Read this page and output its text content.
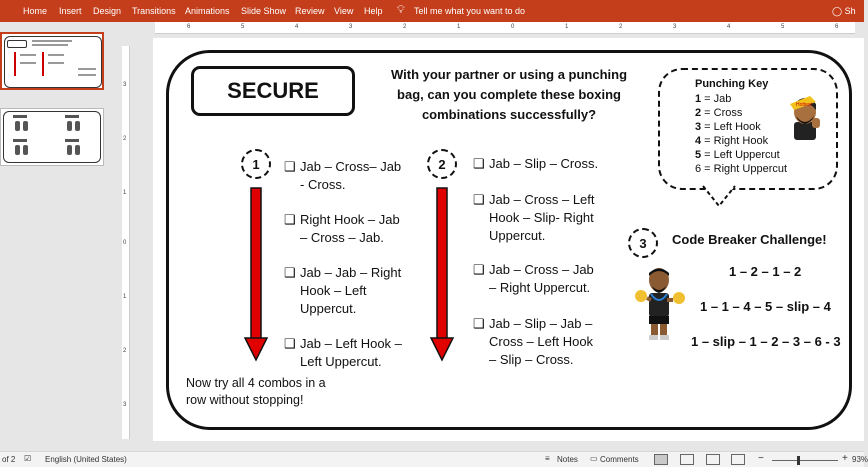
Home Insert Design Transitions Animations Slide Show Review View Help 💡︎ Tell me what you want to do	◯ Sh
6	5	4	3	2	1	0	1	2	3	4	5	6
3
2
1
0
1
2
3
SECURE
With your partner or using a punching bag, can you complete these boxing combinations successfully?
Punching Key
1 = Jab
2 = Cross
3 = Left Hook
4 = Right Hook
5 = Left Uppercut
6 = Right Uppercut
Hottest
1	❑ Jab – Cross– Jab - Cross.
❑ Right Hook – Jab – Cross – Jab.
❑ Jab – Jab – Right Hook – Left Uppercut.
❑ Jab – Left Hook – Left Uppercut.
2	❑ Jab – Slip – Cross.
❑ Jab – Cross – Left Hook – Slip- Right Uppercut.
❑ Jab – Cross – Jab – Right Uppercut.
❑ Jab – Slip – Jab – Cross – Left Hook – Slip – Cross.
Now try all 4 combos in a row without stopping!
3	Code Breaker Challenge!
1 – 2 – 1 – 2
1 – 1 – 4 – 5 – slip – 4
1 – slip – 1 – 2 – 3 – 6 - 3
of 2 ☑︎ English (United States)	≡ Notes ▭ Comments	−	+ 93%
